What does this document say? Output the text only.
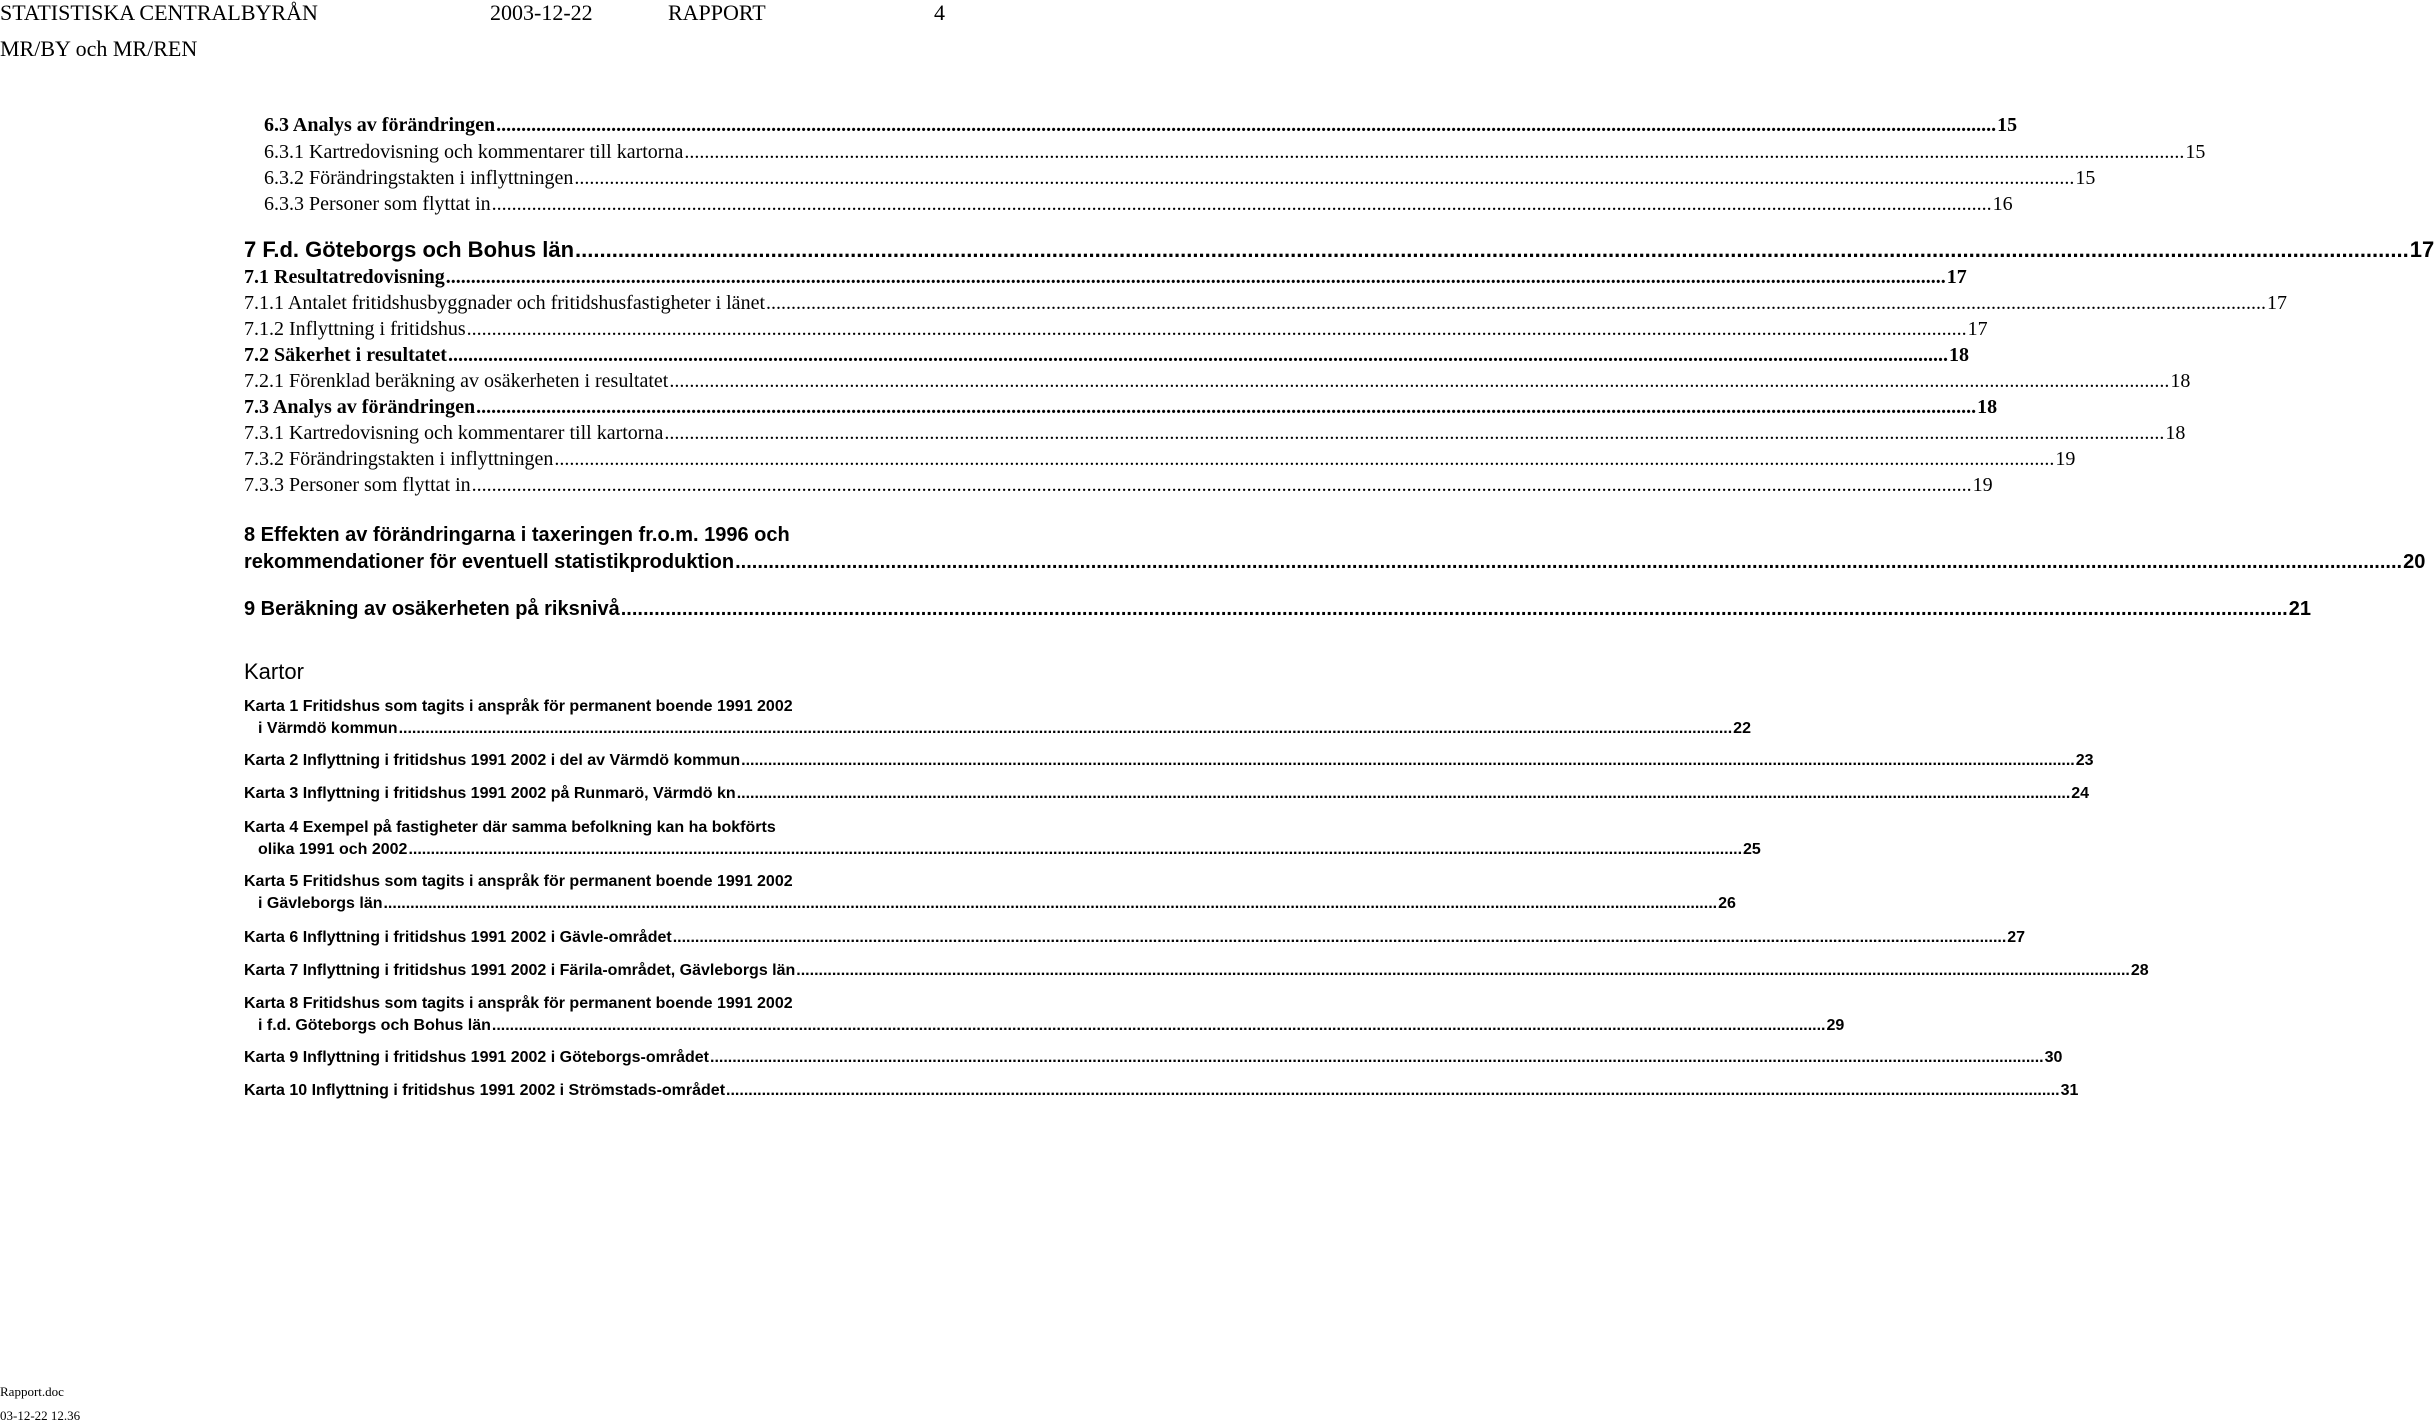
STATISTISKA CENTRALBYRÅN	2003-12-22	RAPPORT	4
MR/BY och MR/REN
6.3 Analys av förändringen ............................................................................................................................................................................................................................................................................................................ 15
6.3.1 Kartredovisning och kommentarer till kartorna ............................................................................................................................................................................................................................................................................................................ 15
6.3.2 Förändringstakten i inflyttningen ............................................................................................................................................................................................................................................................................................................ 15
6.3.3 Personer som flyttat in ............................................................................................................................................................................................................................................................................................................ 16
7 F.d. Göteborgs och Bohus län ............................................................................................................................................................................................................................................................................................................ 17
7.1 Resultatredovisning ............................................................................................................................................................................................................................................................................................................ 17
7.1.1 Antalet fritidshusbyggnader och fritidshusfastigheter i länet ............................................................................................................................................................................................................................................................................................................ 17
7.1.2 Inflyttning i fritidshus ............................................................................................................................................................................................................................................................................................................ 17
7.2 Säkerhet i resultatet ............................................................................................................................................................................................................................................................................................................ 18
7.2.1 Förenklad beräkning av osäkerheten i resultatet ............................................................................................................................................................................................................................................................................................................ 18
7.3 Analys av förändringen ............................................................................................................................................................................................................................................................................................................ 18
7.3.1 Kartredovisning och kommentarer till kartorna ............................................................................................................................................................................................................................................................................................................ 18
7.3.2 Förändringstakten i inflyttningen ............................................................................................................................................................................................................................................................................................................ 19
7.3.3 Personer som flyttat in ............................................................................................................................................................................................................................................................................................................ 19
8 Effekten av förändringarna i taxeringen fr.o.m. 1996 och
rekommendationer för eventuell statistikproduktion ............................................................................................................................................................................................................................................................................................................ 20
9 Beräkning av osäkerheten på riksnivå ............................................................................................................................................................................................................................................................................................................ 21
Kartor
Karta 1 Fritidshus som tagits i anspråk för permanent boende 1991 2002
i Värmdö kommun ............................................................................................................................................................................................................................................................................................................ 22
Karta 2 Inflyttning i fritidshus 1991 2002 i del av Värmdö kommun ............................................................................................................................................................................................................................................................................................................ 23
Karta 3 Inflyttning i fritidshus 1991 2002 på Runmarö, Värmdö kn ............................................................................................................................................................................................................................................................................................................ 24
Karta 4 Exempel på fastigheter där samma befolkning kan ha bokförts
olika 1991 och 2002 ............................................................................................................................................................................................................................................................................................................ 25
Karta 5 Fritidshus som tagits i anspråk för permanent boende 1991 2002
i Gävleborgs län ............................................................................................................................................................................................................................................................................................................ 26
Karta 6 Inflyttning i fritidshus 1991 2002 i Gävle-området ............................................................................................................................................................................................................................................................................................................ 27
Karta 7 Inflyttning i fritidshus 1991 2002 i Färila-området, Gävleborgs län ............................................................................................................................................................................................................................................................................................................ 28
Karta 8 Fritidshus som tagits i anspråk för permanent boende 1991 2002
i f.d. Göteborgs och Bohus län ............................................................................................................................................................................................................................................................................................................ 29
Karta 9 Inflyttning i fritidshus 1991 2002 i Göteborgs-området ............................................................................................................................................................................................................................................................................................................ 30
Karta 10 Inflyttning i fritidshus 1991 2002 i Strömstads-området ............................................................................................................................................................................................................................................................................................................ 31
Rapport.doc
03-12-22 12.36
